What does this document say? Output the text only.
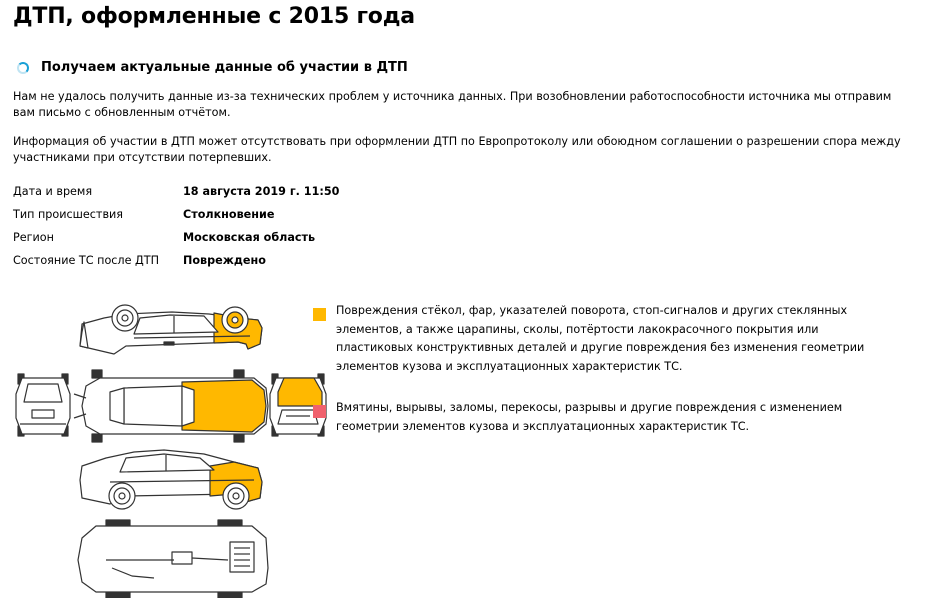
ДТП, оформленные с 2015 года
Получаем актуальные данные об участии в ДТП

Нам не удалось получить данные из-за технических проблем у источника данных. При возобновлении работоспособности источника мы отправим вам письмо с обновленным отчётом.

Информация об участии в ДТП может отсутствовать при оформлении ДТП по Европротоколу или обоюдном соглашении о разрешении спора между участниками при отсутствии потерпевших.

Дата и время	18 августа 2019 г. 11:50
Тип происшествия	Столкновение
Регион	Московская область
Состояние ТС после ДТП	Повреждено
Повреждения стёкол, фар, указателей поворота, стоп-сигналов и других стеклянных элементов, а также царапины, сколы, потёртости лакокрасочного покрытия или пластиковых конструктивных деталей и другие повреждения без изменения геометрии элементов кузова и эксплуатационных характеристик ТС.
Вмятины, вырывы, заломы, перекосы, разрывы и другие повреждения с изменением геометрии элементов кузова и эксплуатационных характеристик ТС.
